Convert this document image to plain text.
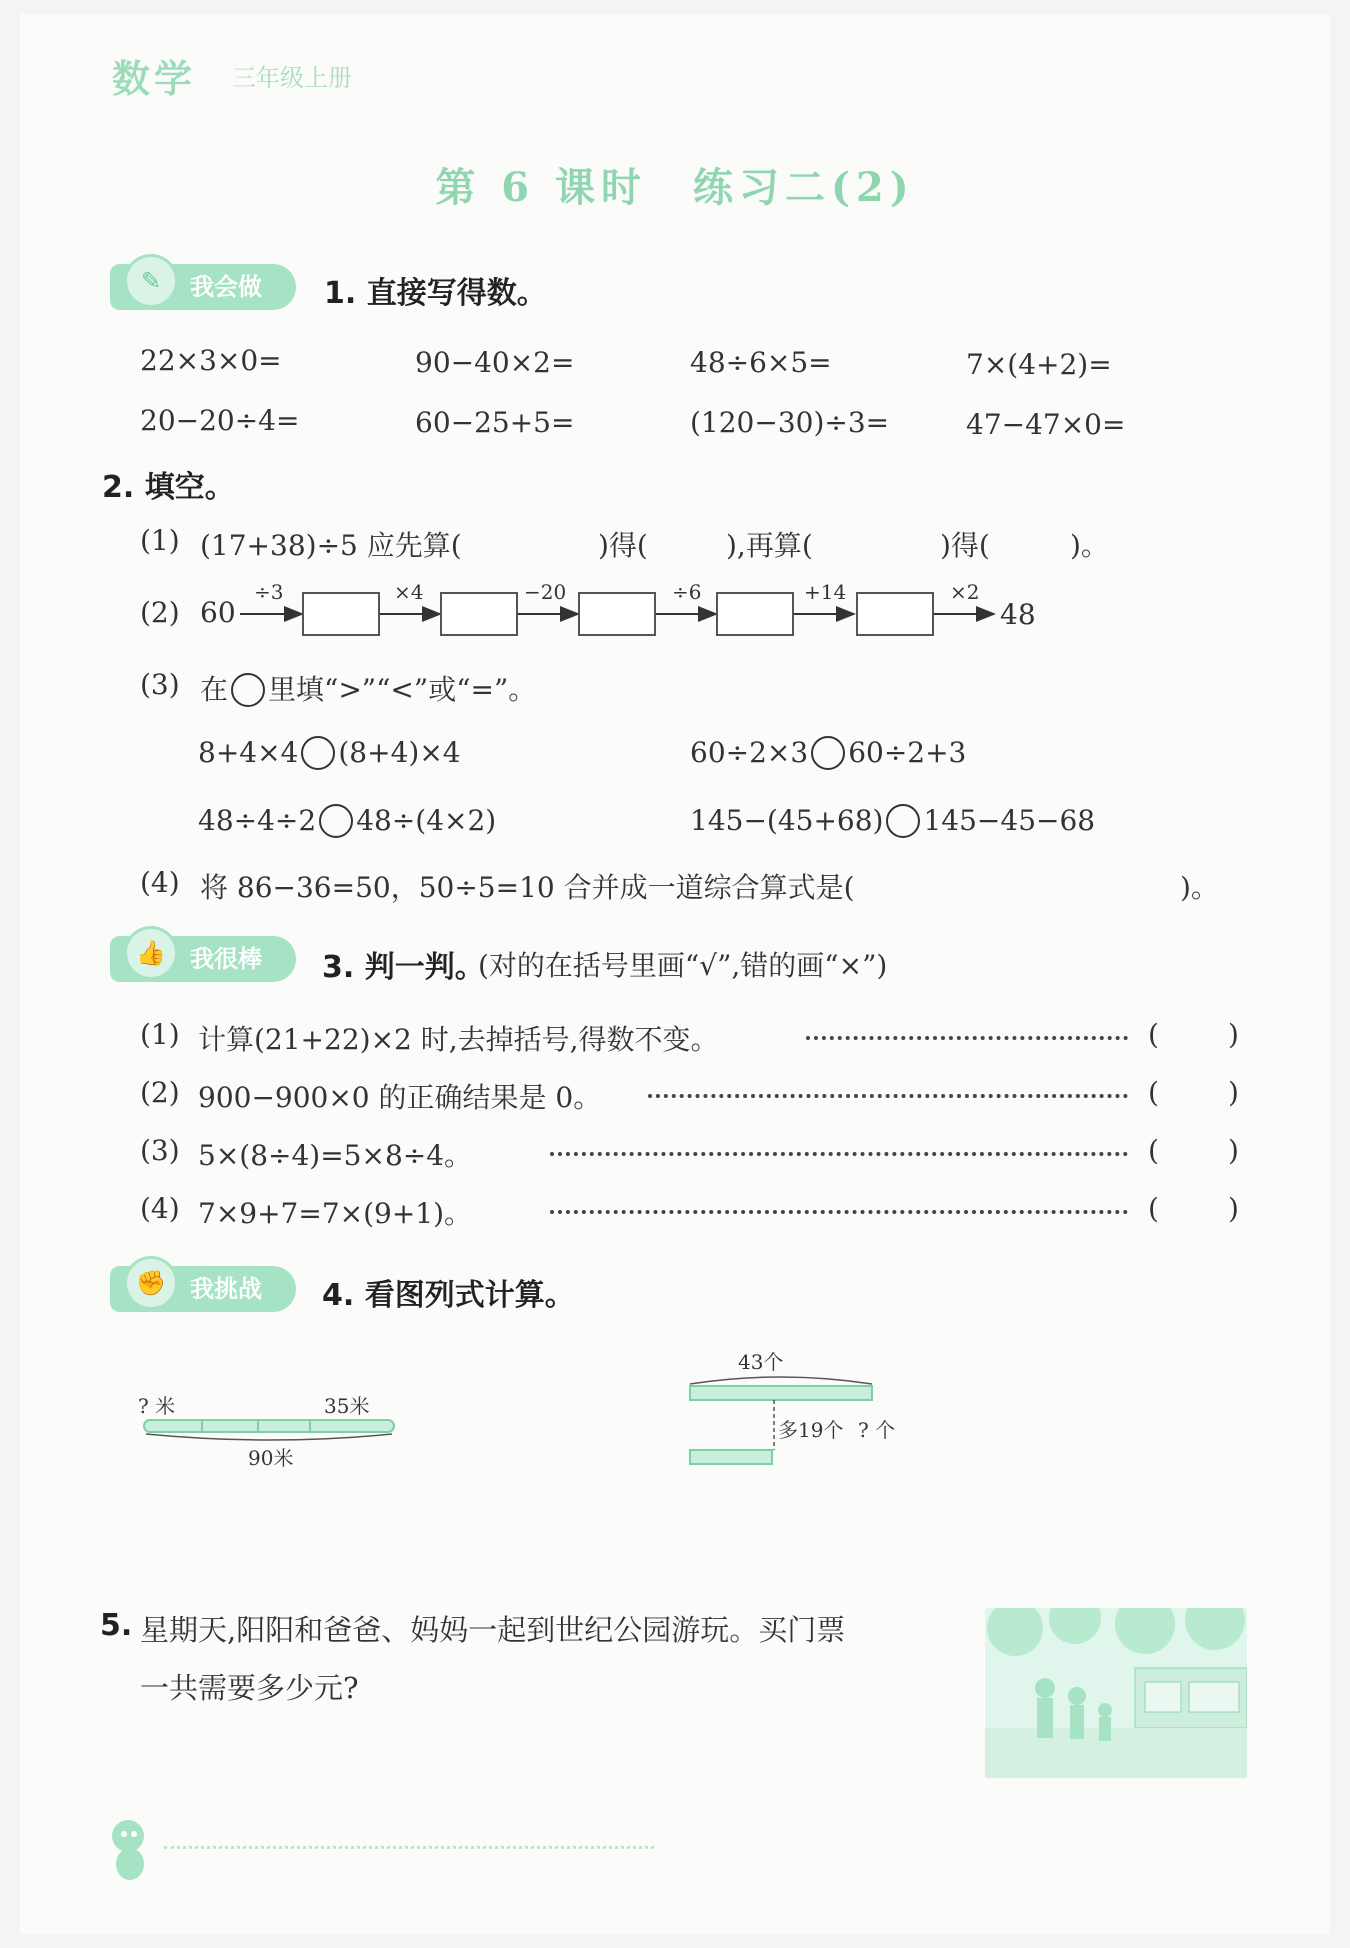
数学 三年级上册
第 6 课时　练习二(2)
✎	我会做	1. 直接写得数。
22×3×0=	90−40×2=	48÷6×5=	7×(4+2)=
20−20÷4=	60−25+5=	(120−30)÷3=	47−47×0=
2. 填空。
(1) (17+38)÷5 应先算(	)得(	),再算(	)得(	)。
(2) 60
÷3	×4	−20	÷6	+14	×2
48
(3) 在 里填“>”“<”或“=”。
8+4×4 (8+4)×4	60÷2×3 60÷2+3
48÷4÷2 48÷(4×2)	145−(45+68) 145−45−68
(4) 将 86−36=50，50÷5=10 合并成一道综合算式是(	)。
👍	我很棒	3. 判一判。
(对的在括号里画“√”,错的画“×”)
(1) 计算(21+22)×2 时,去掉括号,得数不变。	( )
(2) 900−900×0 的正确结果是 0。	( )
(3) 5×(8÷4)=5×8÷4。	( )
(4) 7×9+7=7×(9+1)。	( )
✊	我挑战	4. 看图列式计算。
? 米	35米
90米
43个
多19个 ? 个
5. 星期天,阳阳和爸爸、妈妈一起到世纪公园游玩。买门票
一共需要多少元?
